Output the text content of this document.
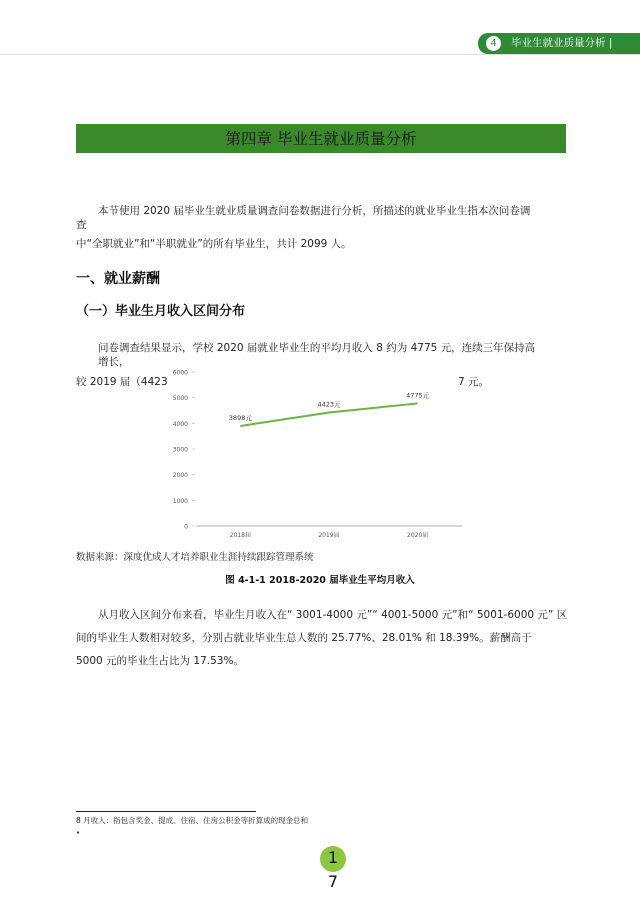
4	毕业生就业质量分析 |
第四章 毕业生就业质量分析
本节使用 2020 届毕业生就业质量调查问卷数据进行分析，所描述的就业毕业生指本次问卷调
查
中“全职就业”和“半职就业”的所有毕业生，共计 2099 人。
一、就业薪酬
（一）毕业生月收入区间分布
问卷调查结果显示，学校 2020 届就业毕业生的平均月收入 8 约为 4775 元，连续三年保持高
增长，
较 2019 届（4423	7 元。
0
1000
2000
3000
4000
5000
6000
2018届	2019届	2020届
3898元
4423元
4775元
数据来源：深度优成人才培养职业生涯持续跟踪管理系统
图 4-1-1 2018-2020 届毕业生平均月收入
从月收入区间分布来看，毕业生月收入在“ 3001-4000 元”“ 4001-5000 元”和“ 5001-6000 元” 区
间的毕业生人数相对较多，分别占就业毕业生总人数的 25.77%、28.01% 和 18.39%。薪酬高于
5000 元的毕业生占比为 17.53%。
8 月收入：指包含奖金、提成、住宿、住房公积金等折算成的现金总和
•
1
7
